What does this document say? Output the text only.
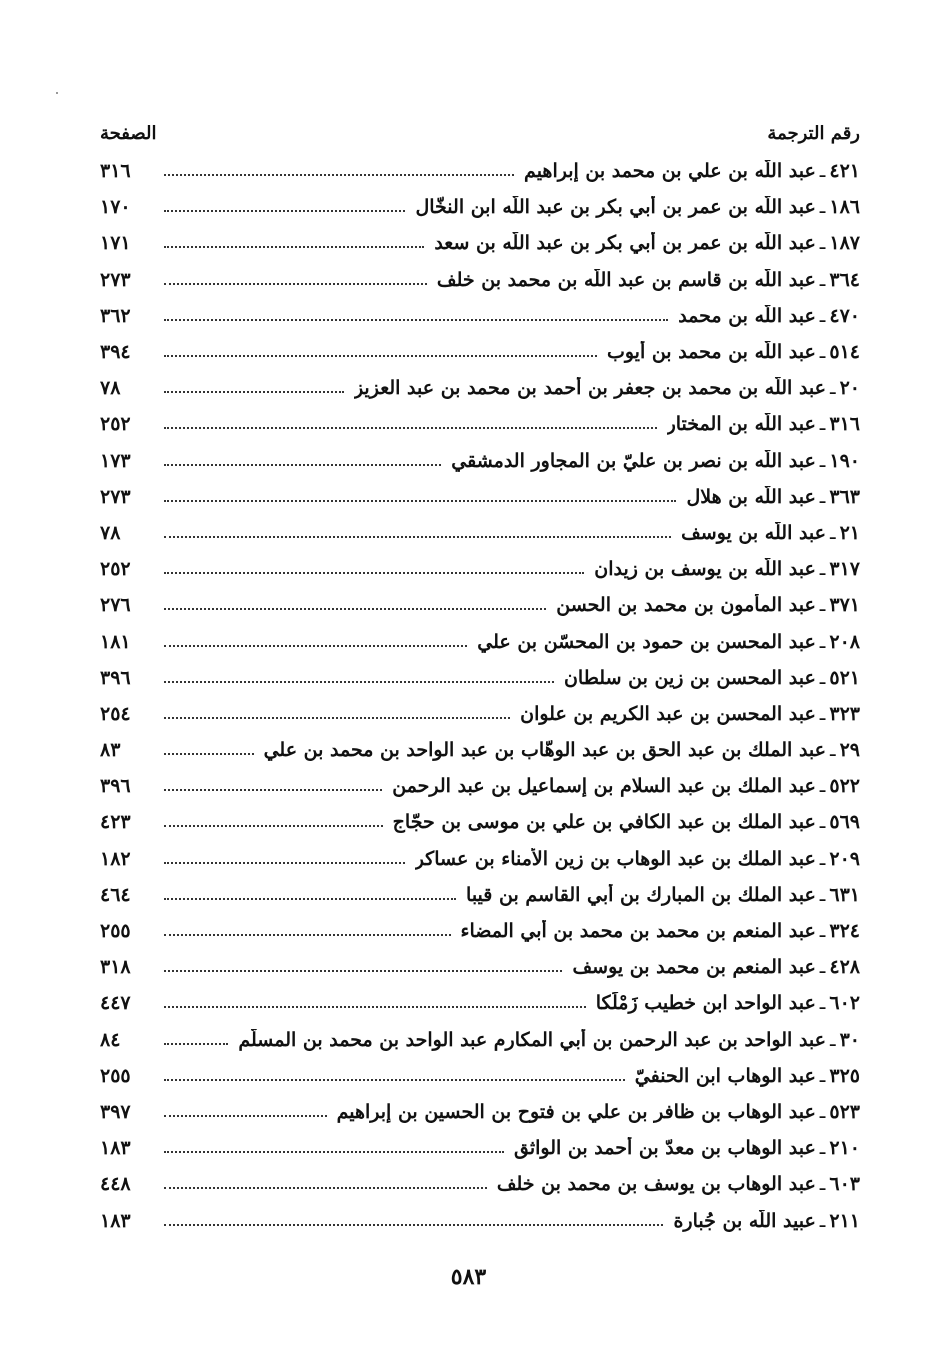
رقم الترجمة
الصفحة
٤٢١
ـ
عبد اللَّه بن علي بن محمد بن إبراهيم
٣١٦
١٨٦
ـ
عبد اللَّه بن عمر بن أبي بكر بن عبد اللَّه ابن النخّال
١٧٠
١٨٧
ـ
عبد اللَّه بن عمر بن أبي بكر بن عبد اللَّه بن سعد
١٧١
٣٦٤
ـ
عبد اللَّه بن قاسم بن عبد اللَّه بن محمد بن خلف
٢٧٣
٤٧٠
ـ
عبد اللَّه بن محمد
٣٦٢
٥١٤
ـ
عبد اللَّه بن محمد بن أيوب
٣٩٤
٢٠
ـ
عبد اللَّه بن محمد بن جعفر بن أحمد بن محمد بن عبد العزيز
٧٨
٣١٦
ـ
عبد اللَّه بن المختار
٢٥٢
١٩٠
ـ
عبد اللَّه بن نصر بن عليّ بن المجاور الدمشقي
١٧٣
٣٦٣
ـ
عبد اللَّه بن هلال
٢٧٣
٢١
ـ
عبد اللَّه بن يوسف
٧٨
٣١٧
ـ
عبد اللَّه بن يوسف بن زيدان
٢٥٢
٣٧١
ـ
عبد المأمون بن محمد بن الحسن
٢٧٦
٢٠٨
ـ
عبد المحسن بن حمود بن المحسّن بن علي
١٨١
٥٢١
ـ
عبد المحسن بن زين بن سلطان
٣٩٦
٣٢٣
ـ
عبد المحسن بن عبد الكريم بن علوان
٢٥٤
٢٩
ـ
عبد الملك بن عبد الحق بن عبد الوهّاب بن عبد الواحد بن محمد بن علي
٨٣
٥٢٢
ـ
عبد الملك بن عبد السلام بن إسماعيل بن عبد الرحمن
٣٩٦
٥٦٩
ـ
عبد الملك بن عبد الكافي بن علي بن موسى بن حجّاج
٤٢٣
٢٠٩
ـ
عبد الملك بن عبد الوهاب بن زين الأمناء بن عساكر
١٨٢
٦٣١
ـ
عبد الملك بن المبارك بن أبي القاسم بن قيبا
٤٦٤
٣٢٤
ـ
عبد المنعم بن محمد بن محمد بن أبي المضاء
٢٥٥
٤٢٨
ـ
عبد المنعم بن محمد بن يوسف
٣١٨
٦٠٢
ـ
عبد الواحد ابن خطيب زَمْلَكا
٤٤٧
٣٠
ـ
عبد الواحد بن عبد الرحمن بن أبي المكارم عبد الواحد بن محمد بن المسلَّم
٨٤
٣٢٥
ـ
عبد الوهاب ابن الحنفيّ
٢٥٥
٥٢٣
ـ
عبد الوهاب بن ظافر بن علي بن فتوح بن الحسين بن إبراهيم
٣٩٧
٢١٠
ـ
عبد الوهاب بن معدّ بن أحمد بن الواثق
١٨٣
٦٠٣
ـ
عبد الوهاب بن يوسف بن محمد بن خلف
٤٤٨
٢١١
ـ
عبيد اللَّه بن جُبارة
١٨٣
٥٨٣
